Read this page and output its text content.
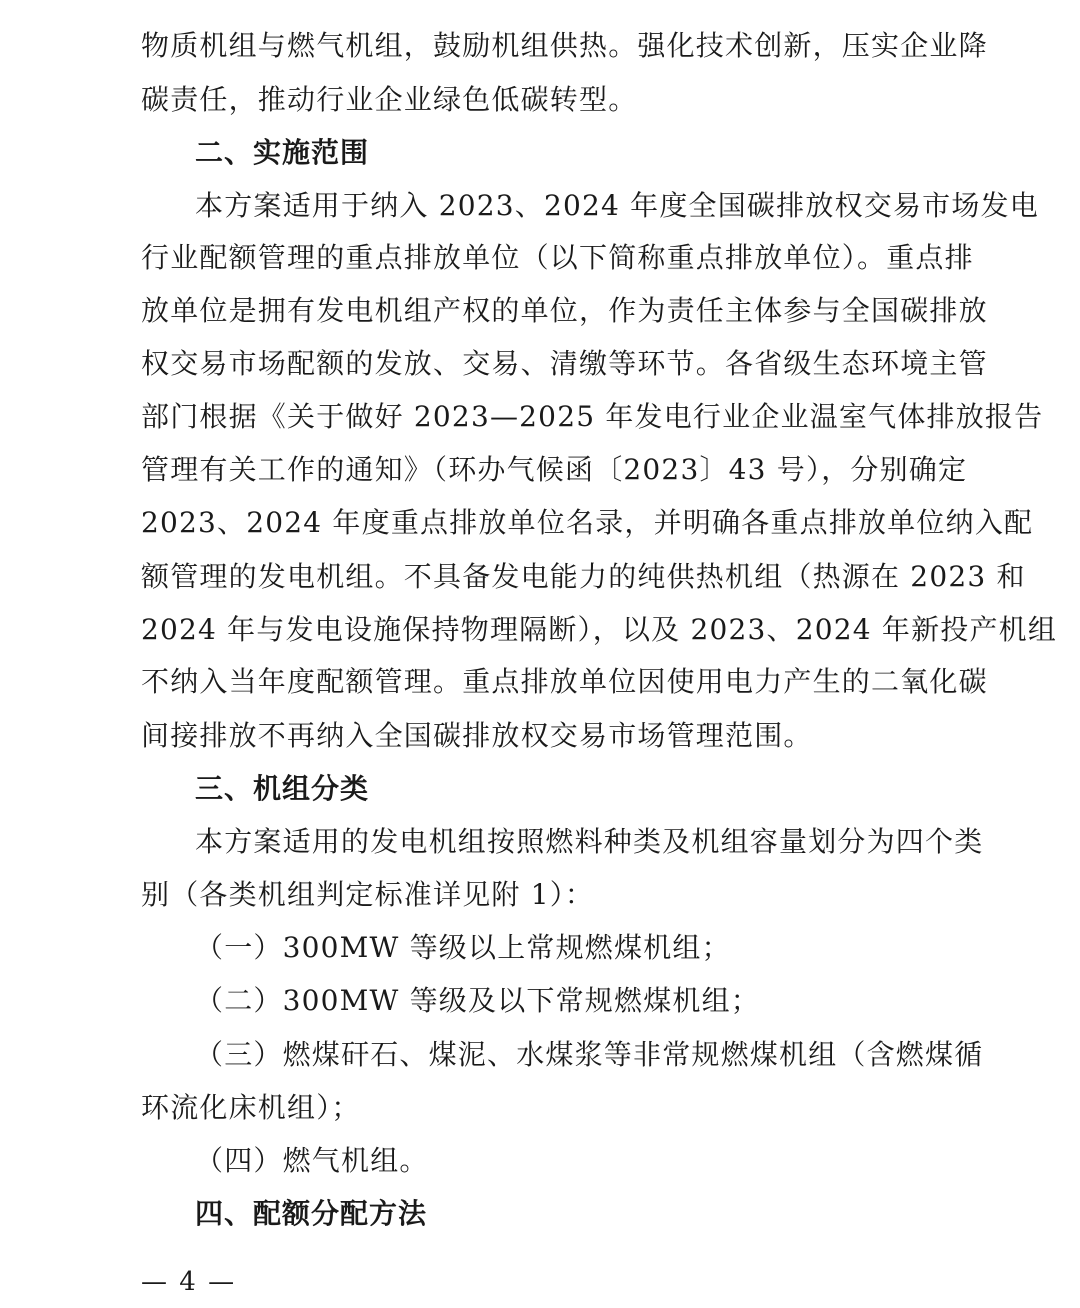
物质机组与燃气机组，鼓励机组供热。强化技术创新，压实企业降
碳责任，推动行业企业绿色低碳转型。
二、实施范围
本方案适用于纳入 2023、2024 年度全国碳排放权交易市场发电
行业配额管理的重点排放单位（以下简称重点排放单位）。重点排
放单位是拥有发电机组产权的单位，作为责任主体参与全国碳排放
权交易市场配额的发放、交易、清缴等环节。各省级生态环境主管
部门根据《关于做好 2023—2025 年发电行业企业温室气体排放报告
管理有关工作的通知》（环办气候函〔2023〕43 号），分别确定
2023、2024 年度重点排放单位名录，并明确各重点排放单位纳入配
额管理的发电机组。不具备发电能力的纯供热机组（热源在 2023 和
2024 年与发电设施保持物理隔断），以及 2023、2024 年新投产机组
不纳入当年度配额管理。重点排放单位因使用电力产生的二氧化碳
间接排放不再纳入全国碳排放权交易市场管理范围。
三、机组分类
本方案适用的发电机组按照燃料种类及机组容量划分为四个类
别（各类机组判定标准详见附 1）：
（一）300MW 等级以上常规燃煤机组；
（二）300MW 等级及以下常规燃煤机组；
（三）燃煤矸石、煤泥、水煤浆等非常规燃煤机组（含燃煤循
环流化床机组）；
（四）燃气机组。
四、配额分配方法
— 4 —
